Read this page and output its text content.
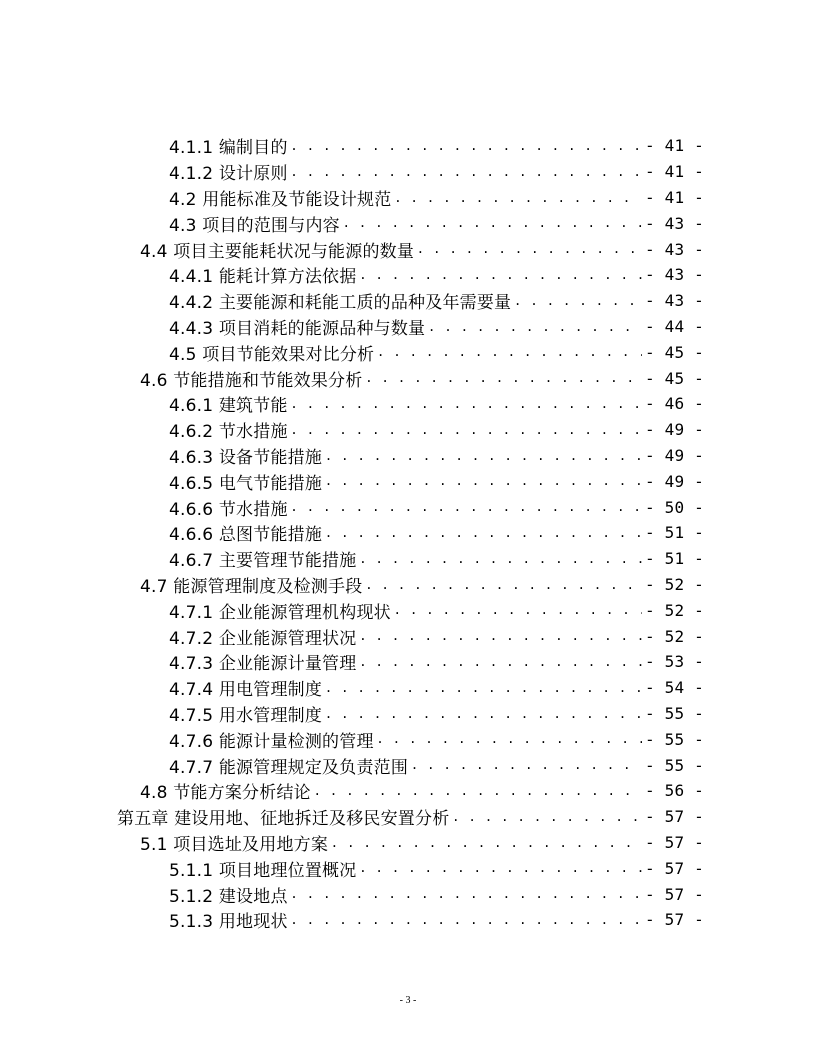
4.1.1 编制目的 . . .	- 41 -
4.1.2 设计原则 . . .	- 41 -
4.2 用能标准及节能设计规范 . . .	- 41 -
4.3 项目的范围与内容 . . .	- 43 -
4.4 项目主要能耗状况与能源的数量 . . .	- 43 -
4.4.1 能耗计算方法依据 . . .	- 43 -
4.4.2 主要能源和耗能工质的品种及年需要量 . . .	- 43 -
4.4.3 项目消耗的能源品种与数量 . . .	- 44 -
4.5 项目节能效果对比分析 . . .	- 45 -
4.6 节能措施和节能效果分析 . . .	- 45 -
4.6.1 建筑节能 . . .	- 46 -
4.6.2 节水措施 . . .	- 49 -
4.6.3 设备节能措施 . . .	- 49 -
4.6.5 电气节能措施 . . .	- 49 -
4.6.6 节水措施 . . .	- 50 -
4.6.6 总图节能措施 . . .	- 51 -
4.6.7 主要管理节能措施 . . .	- 51 -
4.7 能源管理制度及检测手段 . . .	- 52 -
4.7.1 企业能源管理机构现状 . . .	- 52 -
4.7.2 企业能源管理状况 . . .	- 52 -
4.7.3 企业能源计量管理 . . .	- 53 -
4.7.4 用电管理制度 . . .	- 54 -
4.7.5 用水管理制度 . . .	- 55 -
4.7.6 能源计量检测的管理 . . .	- 55 -
4.7.7 能源管理规定及负责范围 . . .	- 55 -
4.8 节能方案分析结论 . . .	- 56 -
第五章 建设用地、征地拆迁及移民安置分析 . . .	- 57 -
5.1 项目选址及用地方案 . . .	- 57 -
5.1.1 项目地理位置概况 . . .	- 57 -
5.1.2 建设地点 . . .	- 57 -
5.1.3 用地现状 . . .	- 57 -
- 3 -
